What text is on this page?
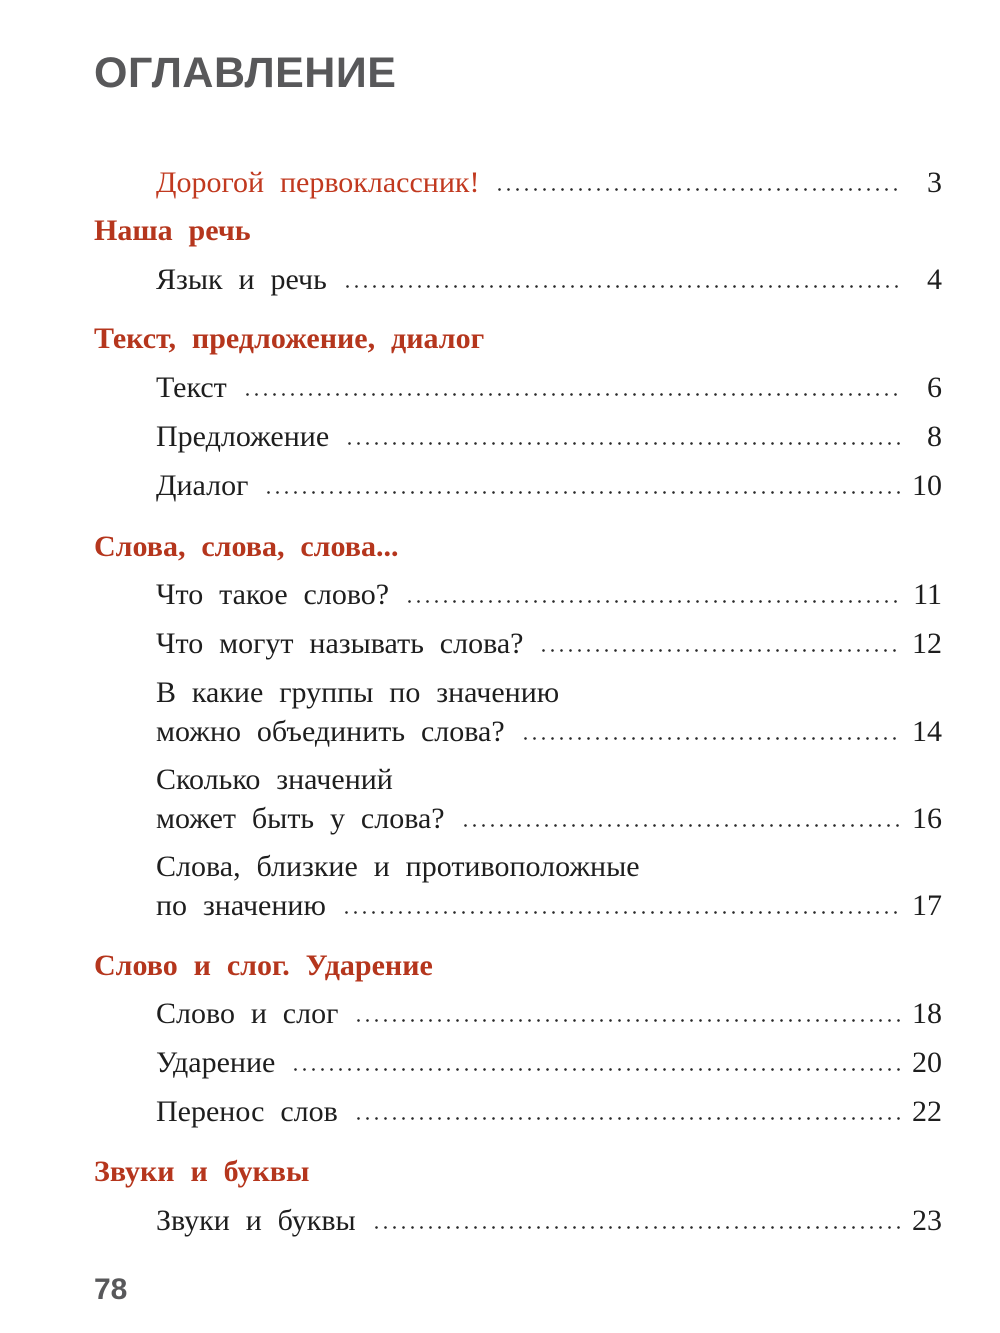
ОГЛАВЛЕНИЕ
Дорогой первоклассник!	3
Наша речь
Язык и речь	4
Текст, предложение, диалог
Текст	6
Предложение	8
Диалог	10
Слова, слова, слова...
Что такое слово?	11
Что могут называть слова?	12
В какие группы по значению
можно объединить слова?	14
Сколько значений
может быть у слова?	16
Слова, близкие и противоположные
по значению	17
Слово и слог. Ударение
Слово и слог	18
Ударение	20
Перенос слов	22
Звуки и буквы
Звуки и буквы	23
78
